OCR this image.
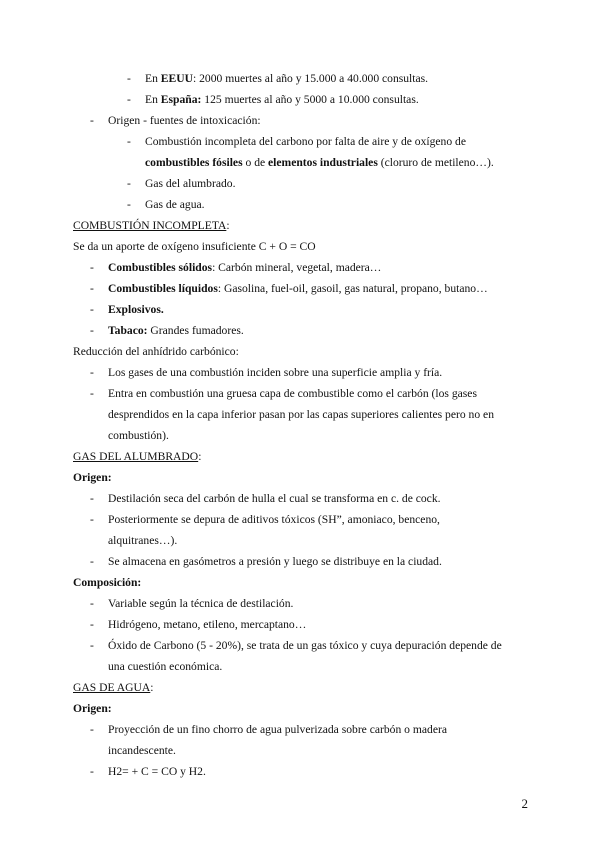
- En EEUU: 2000 muertes al año y 15.000 a 40.000 consultas.
- En España: 125 muertes al año y 5000 a 10.000 consultas.
- Origen - fuentes de intoxicación:
- Combustión incompleta del carbono por falta de aire y de oxígeno de
combustibles fósiles o de elementos industriales (cloruro de metileno…).
- Gas del alumbrado.
- Gas de agua.
COMBUSTIÓN INCOMPLETA:
Se da un aporte de oxígeno insuficiente C + O = CO
- Combustibles sólidos: Carbón mineral, vegetal, madera…
- Combustibles líquidos: Gasolina, fuel-oil, gasoil, gas natural, propano, butano…
- Explosivos.
- Tabaco: Grandes fumadores.
Reducción del anhídrido carbónico:
- Los gases de una combustión inciden sobre una superficie amplia y fría.
- Entra en combustión una gruesa capa de combustible como el carbón (los gases
desprendidos en la capa inferior pasan por las capas superiores calientes pero no en
combustión).
GAS DEL ALUMBRADO:
Origen:
- Destilación seca del carbón de hulla el cual se transforma en c. de cock.
- Posteriormente se depura de aditivos tóxicos (SH”, amoniaco, benceno,
alquitranes…).
- Se almacena en gasómetros a presión y luego se distribuye en la ciudad.
Composición:
- Variable según la técnica de destilación.
- Hidrógeno, metano, etileno, mercaptano…
- Óxido de Carbono (5 - 20%), se trata de un gas tóxico y cuya depuración depende de
una cuestión económica.
GAS DE AGUA:
Origen:
- Proyección de un fino chorro de agua pulverizada sobre carbón o madera
incandescente.
- H2= + C = CO y H2.
2
